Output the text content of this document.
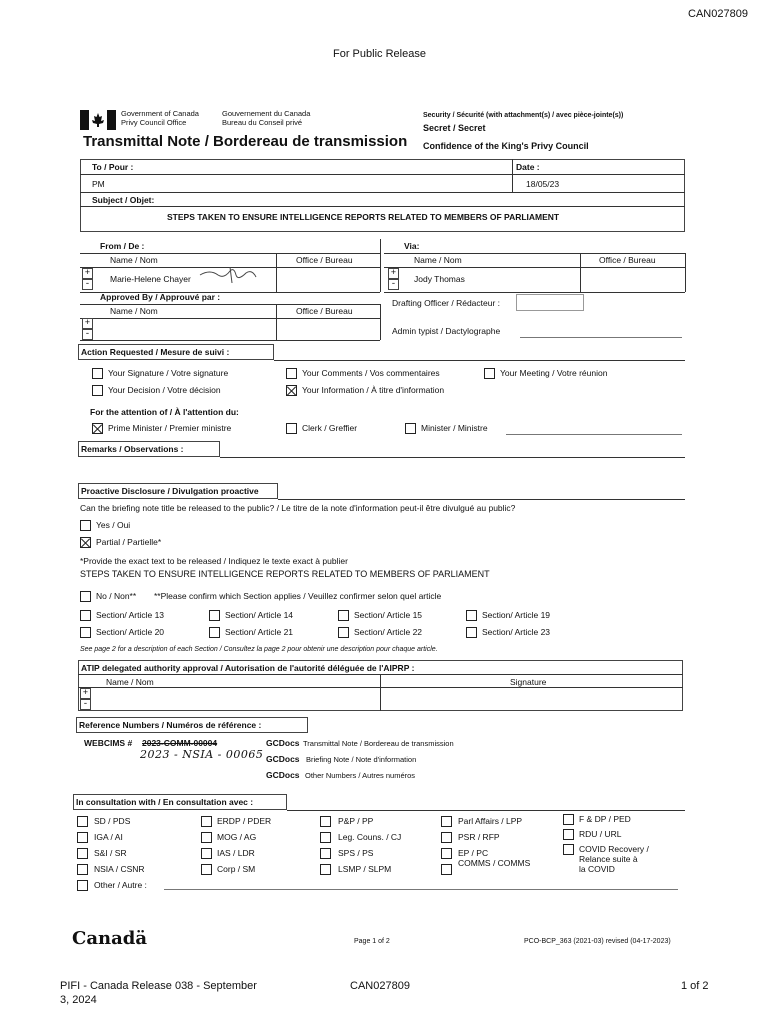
CAN027809
For Public Release
Government of Canada
Privy Council Office
Gouvernement du Canada
Bureau du Conseil privé
Transmittal Note / Bordereau de transmission
Security / Sécurité (with attachment(s) / avec pièce-jointe(s))
Secret / Secret
Confidence of the King's Privy Council
To / Pour :
PM
Date :
18/05/23
Subject / Objet:
STEPS TAKEN TO ENSURE INTELLIGENCE REPORTS RELATED TO MEMBERS OF PARLIAMENT
From / De :
Name / Nom	Office / Bureau
+
-	Marie-Helene Chayer
Via:
Name / Nom	Office / Bureau
+
-	Jody Thomas
Approved By / Approuvé par :
Name / Nom	Office / Bureau
+
-
Drafting Officer / Rédacteur :
Admin typist / Dactylographe
Action Requested / Mesure de suivi :
Your Signature / Votre signature	Your Comments / Vos commentaires	Your Meeting / Votre réunion
Your Decision / Votre décision	Your Information / À titre d'information
For the attention of / À l'attention du:
Prime Minister / Premier ministre	Clerk / Greffier	Minister / Ministre
Remarks / Observations :
Proactive Disclosure / Divulgation proactive
Can the briefing note title be released to the public? / Le titre de la note d'information peut-il être divulgué au public?
Yes / Oui
Partial / Partielle*
*Provide the exact text to be released / Indiquez le texte exact à publier
STEPS TAKEN TO ENSURE INTELLIGENCE REPORTS RELATED TO MEMBERS OF PARLIAMENT
No / Non** **Please confirm which Section applies / Veuillez confirmer selon quel article
Section/ Article 13	Section/ Article 14	Section/ Article 15	Section/ Article 19
Section/ Article 20	Section/ Article 21	Section/ Article 22	Section/ Article 23
See page 2 for a description of each Section / Consultez la page 2 pour obtenir une description pour chaque article.
ATIP delegated authority approval / Autorisation de l'autorité déléguée de l'AIPRP :
Name / Nom	Signature
+
-
Reference Numbers / Numéros de référence :
WEBCIMS # 2023-COMM-00004
2023 - NSIA - 00065
GCDocs Transmittal Note / Bordereau de transmission
GCDocs Briefing Note / Note d'information
GCDocs Other Numbers / Autres numéros
In consultation with / En consultation avec :
SD / PDS
IGA / AI
S&I / SR
NSIA / CSNR
ERDP / PDER
MOG / AG
IAS / LDR
Corp / SM
P&P / PP
Leg. Couns. / CJ
SPS / PS
LSMP / SLPM
Parl Affairs / LPP
PSR / RFP
EP / PC
COMMS / COMMS
F & DP / PED
RDU / URL
COVID Recovery /
Relance suite à
la COVID
Other / Autre :
Canadä	Page 1 of 2	PCO-BCP_363 (2021-03) revised (04-17-2023)
PIFI - Canada Release 038 - September
3, 2024
CAN027809	1 of 2
